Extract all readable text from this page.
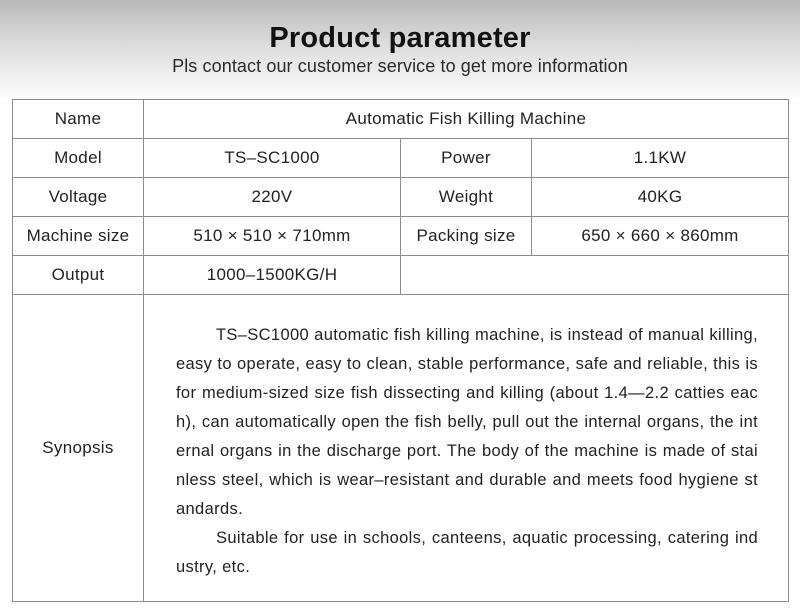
Product parameter
Pls contact our customer service to get more information
Name	Automatic Fish Killing Machine		
Model	TS–SC1000	Power	1.1KW
Voltage	220V	Weight	40KG
Machine size	510 × 510 × 710mm	Packing size	650 × 660 × 860mm
Output	1000–1500KG/H		
Synopsis	TS–SC1000 automatic fish killing machine, is instead of manual killing, easy to operate, easy to clean, stable performance, safe and reliable, this is for medium-sized size fish dissecting and killing (about 1.4—2.2 catties each), can automatically open the fish belly, pull out the internal organs, the internal organs in the discharge port. The body of the machine is made of stainless steel, which is wear–resistant and durable and meets food hygiene standards.

Suitable for use in schools, canteens, aquatic processing, catering industry, etc.		
